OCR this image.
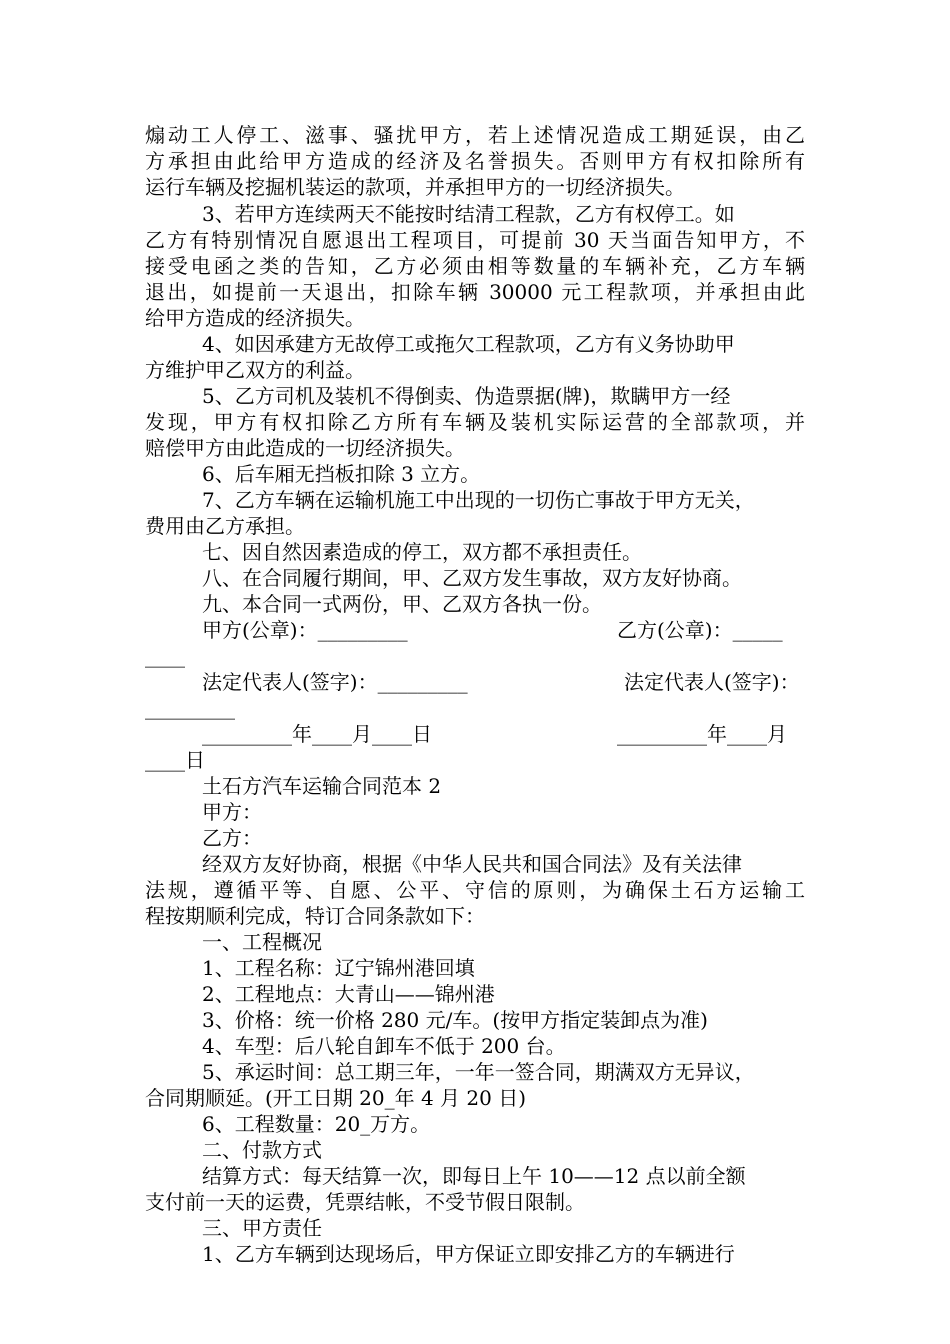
煽动工人停工、滋事、骚扰甲方，若上述情况造成工期延误，由乙
方承担由此给甲方造成的经济及名誉损失。否则甲方有权扣除所有
运行车辆及挖掘机装运的款项，并承担甲方的一切经济损失。
3、若甲方连续两天不能按时结清工程款，乙方有权停工。如
乙方有特别情况自愿退出工程项目，可提前 30 天当面告知甲方，不
接受电函之类的告知，乙方必须由相等数量的车辆补充，乙方车辆
退出，如提前一天退出，扣除车辆 30000 元工程款项，并承担由此
给甲方造成的经济损失。
4、如因承建方无故停工或拖欠工程款项，乙方有义务协助甲
方维护甲乙双方的利益。
5、乙方司机及装机不得倒卖、伪造票据(牌)，欺瞒甲方一经
发现，甲方有权扣除乙方所有车辆及装机实际运营的全部款项，并
赔偿甲方由此造成的一切经济损失。
6、后车厢无挡板扣除 3 立方。
7、乙方车辆在运输机施工中出现的一切伤亡事故于甲方无关，
费用由乙方承担。
七、因自然因素造成的停工，双方都不承担责任。
八、在合同履行期间，甲、乙双方发生事故，双方友好协商。
九、本合同一式两份，甲、乙双方各执一份。
甲方(公章)：_________	乙方(公章)：_____
____
法定代表人(签字)：_________	法定代表人(签字)：
_________
_________年____月____日	_________年____月
____日
土石方汽车运输合同范本 2
甲方：
乙方：
经双方友好协商，根据《中华人民共和国合同法》及有关法律
法规，遵循平等、自愿、公平、守信的原则，为确保土石方运输工
程按期顺利完成，特订合同条款如下：
一、工程概况
1、工程名称：辽宁锦州港回填
2、工程地点：大青山——锦州港
3、价格：统一价格 280 元/车。(按甲方指定装卸点为准)
4、车型：后八轮自卸车不低于 200 台。
5、承运时间：总工期三年，一年一签合同，期满双方无异议，
合同期顺延。(开工日期 20_年 4 月 20 日)
6、工程数量：20_万方。
二、付款方式
结算方式：每天结算一次，即每日上午 10——12 点以前全额
支付前一天的运费，凭票结帐，不受节假日限制。
三、甲方责任
1、乙方车辆到达现场后，甲方保证立即安排乙方的车辆进行
